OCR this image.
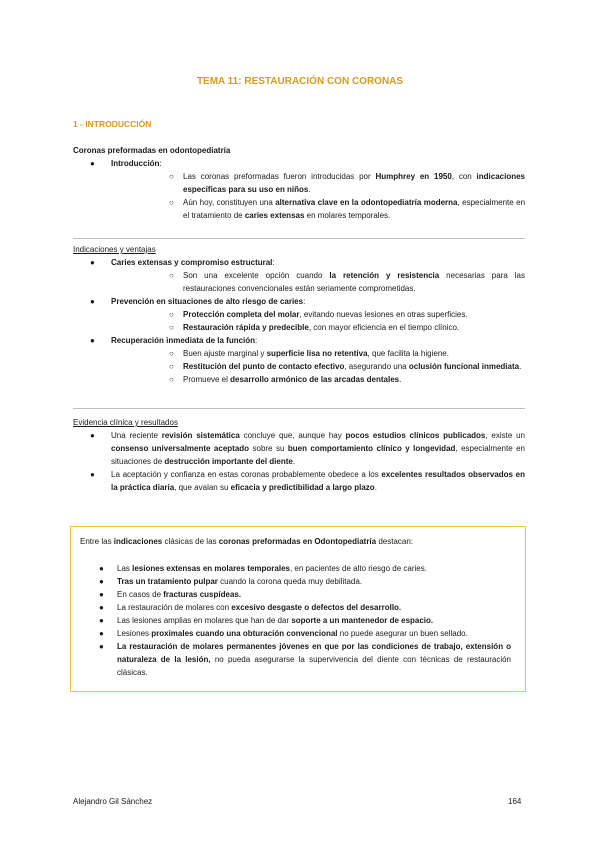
TEMA 11: RESTAURACIÓN CON CORONAS
1 - INTRODUCCIÓN
Coronas preformadas en odontopediatría
● Introducción:
○ Las coronas preformadas fueron introducidas por Humphrey en 1950, con indicaciones específicas para su uso en niños.
○ Aún hoy, constituyen una alternativa clave en la odontopediatría moderna, especialmente en el tratamiento de caries extensas en molares temporales.
Indicaciones y ventajas
● Caries extensas y compromiso estructural:
○ Son una excelente opción cuando la retención y resistencia necesarias para las restauraciones convencionales están seriamente comprometidas.
● Prevención en situaciones de alto riesgo de caries:
○ Protección completa del molar, evitando nuevas lesiones en otras superficies.
○ Restauración rápida y predecible, con mayor eficiencia en el tiempo clínico.
● Recuperación inmediata de la función:
○ Buen ajuste marginal y superficie lisa no retentiva, que facilita la higiene.
○ Restitución del punto de contacto efectivo, asegurando una oclusión funcional inmediata.
○ Promueve el desarrollo armónico de las arcadas dentales.
Evidencia clínica y resultados
● Una reciente revisión sistemática concluye que, aunque hay pocos estudios clínicos publicados, existe un consenso universalmente aceptado sobre su buen comportamiento clínico y longevidad, especialmente en situaciones de destrucción importante del diente.
● La aceptación y confianza en estas coronas probablemente obedece a los excelentes resultados observados en la práctica diaria, que avalan su eficacia y predictibilidad a largo plazo.
Entre las indicaciones clásicas de las coronas preformadas en Odontopediatría destacan:
● Las lesiones extensas en molares temporales, en pacientes de alto riesgo de caries.
● Tras un tratamiento pulpar cuando la corona queda muy debilitada.
● En casos de fracturas cuspídeas.
● La restauración de molares con excesivo desgaste o defectos del desarrollo.
● Las lesiones amplias en molares que han de dar soporte a un mantenedor de espacio.
● Lesiones proximales cuando una obturación convencional no puede asegurar un buen sellado.
● La restauración de molares permanentes jóvenes en que por las condiciones de trabajo, extensión o naturaleza de la lesión, no pueda asegurarse la supervivencia del diente con técnicas de restauración clásicas.
Alejandro Gil Sánchez	164
